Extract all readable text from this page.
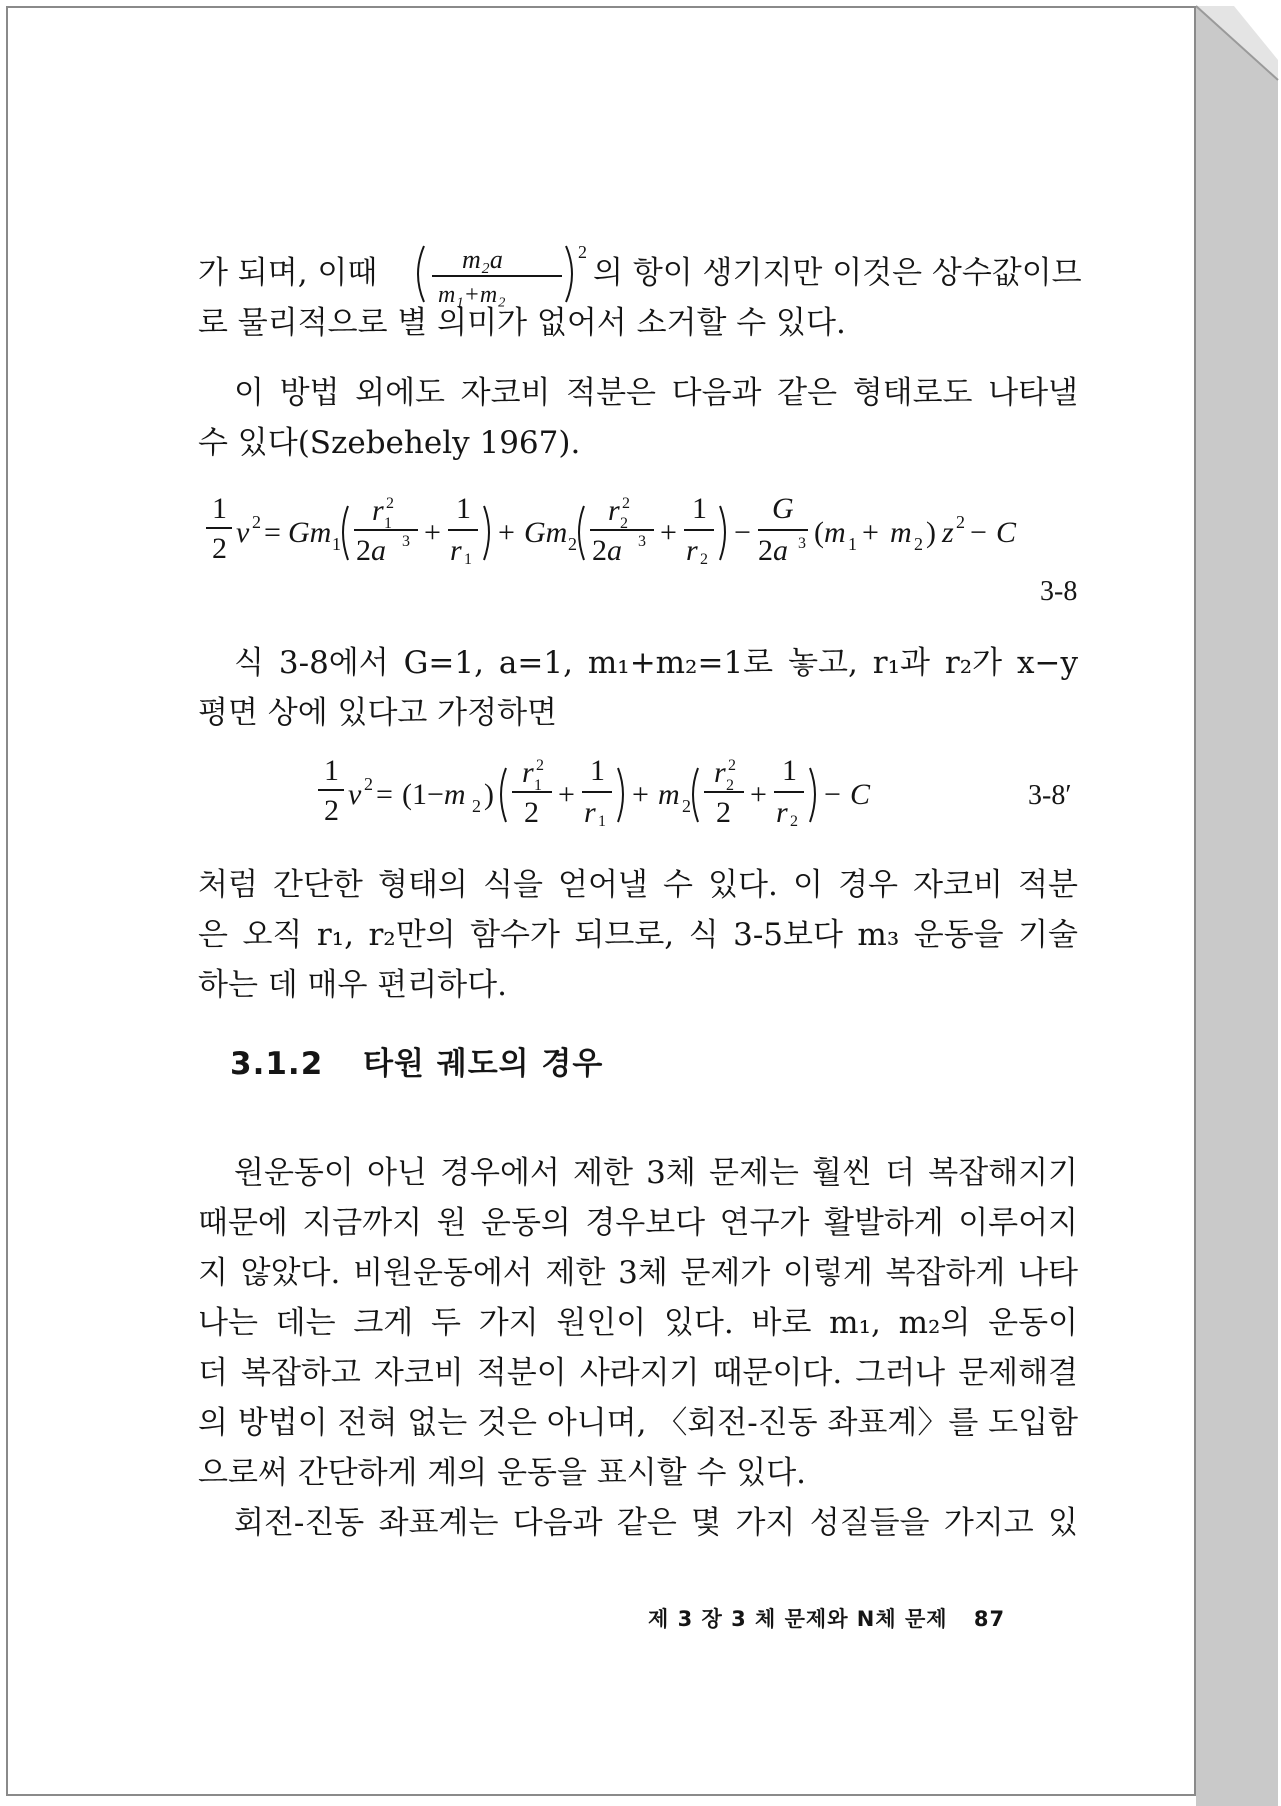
가 되며, 이때	의 항이 생기지만 이것은 상수값이므
로 물리적으로 별 의미가 없어서 소거할 수 있다.
m₂a
m₁+m₂
2
이 방법 외에도 자코비 적분은 다음과 같은 형태로도 나타낼
수 있다(Szebehely 1967).
1
2 v 2 = Gm 1
r 2
1
2a 3 +
1
r 1
+ Gm 2
r 2
2
2a 3 +
1
r 2
−
G
2a 3 (m 1 + m 2 ) z 2 − C
3-8
식 3-8에서 G=1, a=1, m₁+m₂=1로 놓고, r₁과 r₂가 x−y
평면 상에 있다고 가정하면
1
2 v 2 = (1−m 2 )
r 2
1
2
+
1
r 1
+ m 2
r 2
2
2
+
1
r 2
− C	3-8′
처럼 간단한 형태의 식을 얻어낼 수 있다. 이 경우 자코비 적분
은 오직 r₁, r₂만의 함수가 되므로, 식 3-5보다 m₃ 운동을 기술
하는 데 매우 편리하다.
3.1.2 타원 궤도의 경우
원운동이 아닌 경우에서 제한 3체 문제는 훨씬 더 복잡해지기
때문에 지금까지 원 운동의 경우보다 연구가 활발하게 이루어지
지 않았다. 비원운동에서 제한 3체 문제가 이렇게 복잡하게 나타
나는 데는 크게 두 가지 원인이 있다. 바로 m₁, m₂의 운동이
더 복잡하고 자코비 적분이 사라지기 때문이다. 그러나 문제해결
의 방법이 전혀 없는 것은 아니며, 〈회전-진동 좌표계〉를 도입함
으로써 간단하게 계의 운동을 표시할 수 있다.
회전-진동 좌표계는 다음과 같은 몇 가지 성질들을 가지고 있
제 3 장 3 체 문제와 N체 문제 87
